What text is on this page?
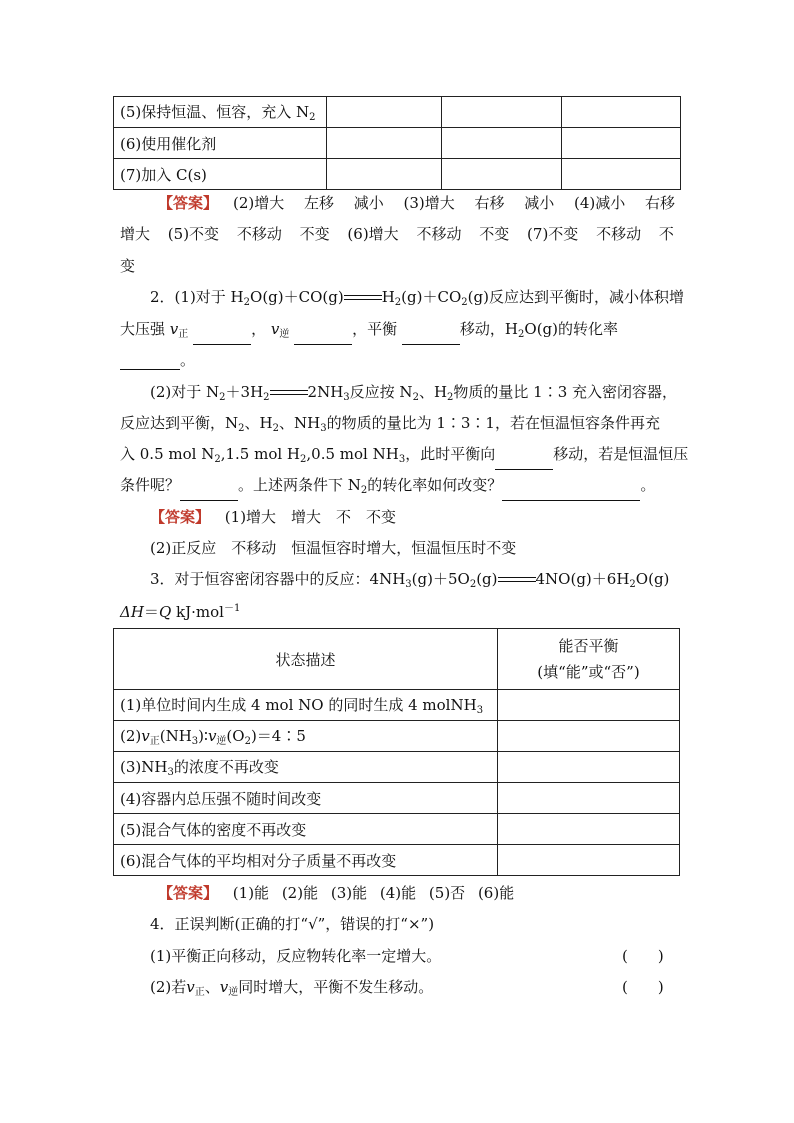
(5)保持恒温、恒容，充入 $N_2$			
(6)使用催化剂			
(7)加入 C(s)			
【答案】 (2)增大 左移 减小 (3)增大 右移 减小 (4)减小 右移
增大 (5)不变 不移动 不变 (6)增大 不移动 不变 (7)不变 不移动 不
变
2．(1)对于 $H_2O(g)+CO(g)$	$H_2(g)+CO_2(g)$反应达到平衡时，减小体积增
大压强 $v_正$	， $v_逆$	，平衡	移动，$H_2O(g)$的转化率
。
(2)对于 $N_2+3H_2$	$2NH_3$反应按 $N_2$、$H_2$物质的量比 1∶3 充入密闭容器，
反应达到平衡，$N_2$、$H_2$、$NH_3$的物质的量比为 1∶3∶1，若在恒温恒容条件再充
入 0.5 mol $N_2,1.5$ mol $H_2,0.5$ mol $NH_3$，此时平衡向	移动，若是恒温恒压
条件呢？	。上述两条件下 $N_2$的转化率如何改变？	。
【答案】 (1)增大　增大　不　不变
(2)正反应　不移动　恒温恒容时增大，恒温恒压时不变
3．对于恒容密闭容器中的反应：$4NH_3(g)+5O_2(g)$	$4NO(g)+6H_2O(g)$
ΔH＝Q kJ·mol$^{-1}$
状态描述	能否平衡
(填“能”或“否”)

(1)单位时间内生成 4 mol NO 的同时生成 4 molNH$_3$	
$(2)v_正(NH_3)∶v_逆(O_2)=4∶5$	
$(3)NH_3$的浓度不再改变	
(4)容器内总压强不随时间改变	
(5)混合气体的密度不再改变	
(6)混合气体的平均相对分子质量不再改变	
【答案】 (1)能 (2)能 (3)能 (4)能 (5)否 (6)能
4．正误判断(正确的打“√”，错误的打“×”)
(1)平衡正向移动，反应物转化率一定增大。	(　　)
(2)若$v_正$、$v_逆$同时增大，平衡不发生移动。	(　　)
